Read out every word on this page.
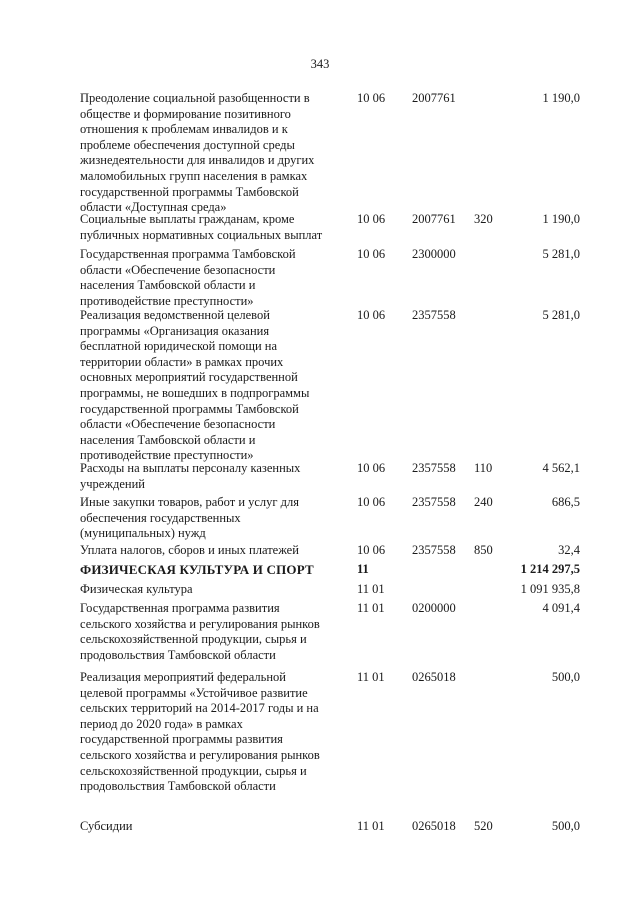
343
Преодоление социальной разобщенности в
обществе и формирование позитивного
отношения к проблемам инвалидов и к
проблеме обеспечения доступной среды
жизнедеятельности для инвалидов и других
маломобильных групп населения в рамках
государственной программы Тамбовской
области «Доступная среда»
10 06 2007761	1 190,0
Социальные выплаты гражданам, кроме
публичных нормативных социальных выплат
10 06 2007761 320	1 190,0
Государственная программа Тамбовской
области «Обеспечение безопасности
населения Тамбовской области и
противодействие преступности»
10 06 2300000	5 281,0
Реализация ведомственной целевой
программы «Организация оказания
бесплатной юридической помощи на
территории области» в рамках прочих
основных мероприятий государственной
программы, не вошедших в подпрограммы
государственной программы Тамбовской
области «Обеспечение безопасности
населения Тамбовской области и
противодействие преступности»
10 06 2357558	5 281,0
Расходы на выплаты персоналу казенных
учреждений
10 06 2357558 110	4 562,1
Иные закупки товаров, работ и услуг для
обеспечения государственных
(муниципальных) нужд
10 06 2357558 240	686,5
Уплата налогов, сборов и иных платежей	10 06 2357558 850	32,4
ФИЗИЧЕСКАЯ КУЛЬТУРА И СПОРТ	11	1 214 297,5
Физическая культура	11 01	1 091 935,8
Государственная программа развития
сельского хозяйства и регулирования рынков
сельскохозяйственной продукции, сырья и
продовольствия Тамбовской области
11 01 0200000	4 091,4
Реализация мероприятий федеральной
целевой программы «Устойчивое развитие
сельских территорий на 2014-2017 годы и на
период до 2020 года» в рамках
государственной программы развития
сельского хозяйства и регулирования рынков
сельскохозяйственной продукции, сырья и
продовольствия Тамбовской области
11 01 0265018	500,0
Субсидии	11 01 0265018 520	500,0
